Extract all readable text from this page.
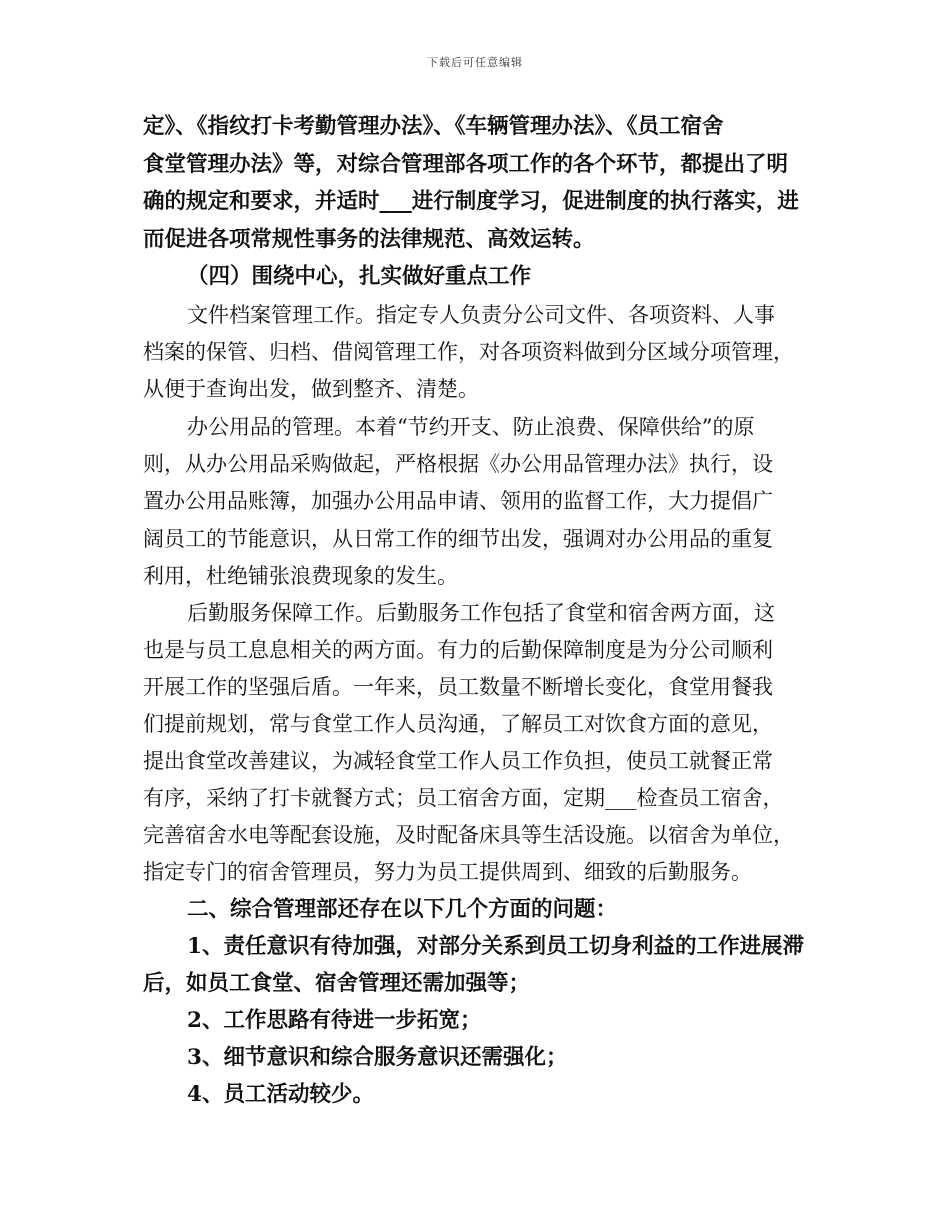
下载后可任意编辑
定》、《指纹打卡考勤管理办法》、《车辆管理办法》、《员工宿舍
食堂管理办法》等，对综合管理部各项工作的各个环节，都提出了明
确的规定和要求，并适时___进行制度学习，促进制度的执行落实，进
而促进各项常规性事务的法律规范、高效运转。
（四）围绕中心，扎实做好重点工作
文件档案管理工作。指定专人负责分公司文件、各项资料、人事
档案的保管、归档、借阅管理工作，对各项资料做到分区域分项管理，
从便于查询出发，做到整齐、清楚。
办公用品的管理。本着“节约开支、防止浪费、保障供给”的原
则，从办公用品采购做起，严格根据《办公用品管理办法》执行，设
置办公用品账簿，加强办公用品申请、领用的监督工作，大力提倡广
阔员工的节能意识，从日常工作的细节出发，强调对办公用品的重复
利用，杜绝铺张浪费现象的发生。
后勤服务保障工作。后勤服务工作包括了食堂和宿舍两方面，这
也是与员工息息相关的两方面。有力的后勤保障制度是为分公司顺利
开展工作的坚强后盾。一年来，员工数量不断增长变化，食堂用餐我
们提前规划，常与食堂工作人员沟通，了解员工对饮食方面的意见，
提出食堂改善建议，为减轻食堂工作人员工作负担，使员工就餐正常
有序，采纳了打卡就餐方式；员工宿舍方面，定期___检查员工宿舍，
完善宿舍水电等配套设施，及时配备床具等生活设施。以宿舍为单位，
指定专门的宿舍管理员，努力为员工提供周到、细致的后勤服务。
二、综合管理部还存在以下几个方面的问题：
1、责任意识有待加强，对部分关系到员工切身利益的工作进展滞
后，如员工食堂、宿舍管理还需加强等；
2、工作思路有待进一步拓宽；
3、细节意识和综合服务意识还需强化；
4、员工活动较少。
